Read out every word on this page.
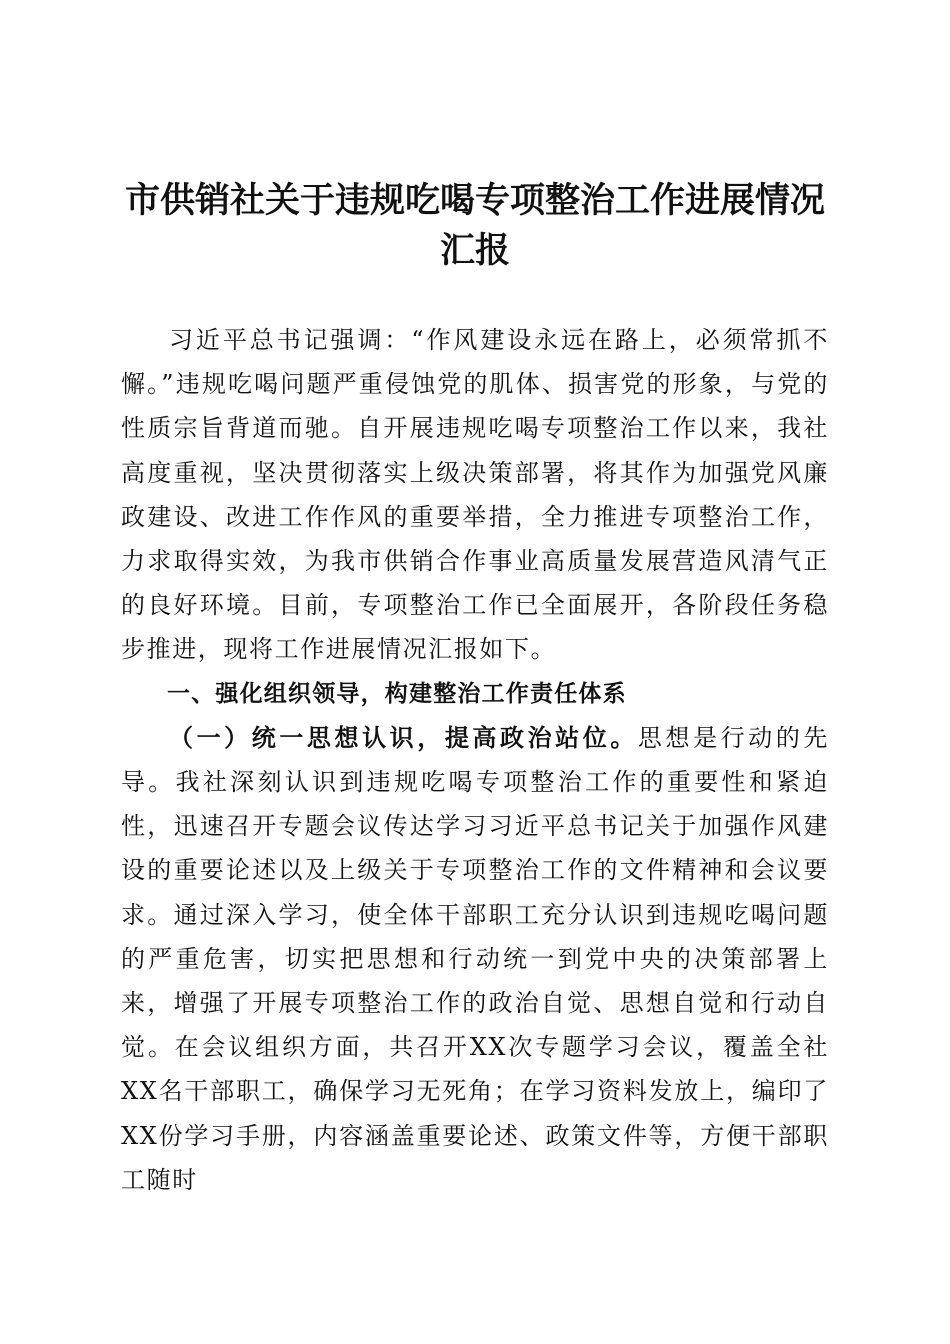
市供销社关于违规吃喝专项整治工作进展情况
汇报

习近平总书记强调：“作风建设永远在路上，必须常抓不懈。”违规吃喝问题严重侵蚀党的肌体、损害党的形象，与党的性质宗旨背道而驰。自开展违规吃喝专项整治工作以来，我社高度重视，坚决贯彻落实上级决策部署，将其作为加强党风廉政建设、改进工作作风的重要举措，全力推进专项整治工作，力求取得实效，为我市供销合作事业高质量发展营造风清气正的良好环境。目前，专项整治工作已全面展开，各阶段任务稳步推进，现将工作进展情况汇报如下。

一、强化组织领导，构建整治工作责任体系

（一）统一思想认识，提高政治站位。思想是行动的先导。我社深刻认识到违规吃喝专项整治工作的重要性和紧迫性，迅速召开专题会议传达学习习近平总书记关于加强作风建设的重要论述以及上级关于专项整治工作的文件精神和会议要求。通过深入学习，使全体干部职工充分认识到违规吃喝问题的严重危害，切实把思想和行动统一到党中央的决策部署上来，增强了开展专项整治工作的政治自觉、思想自觉和行动自觉。在会议组织方面，共召开XX次专题学习会议，覆盖全社XX名干部职工，确保学习无死角；在学习资料发放上，编印了XX份学习手册，内容涵盖重要论述、政策文件等，方便干部职工随时
